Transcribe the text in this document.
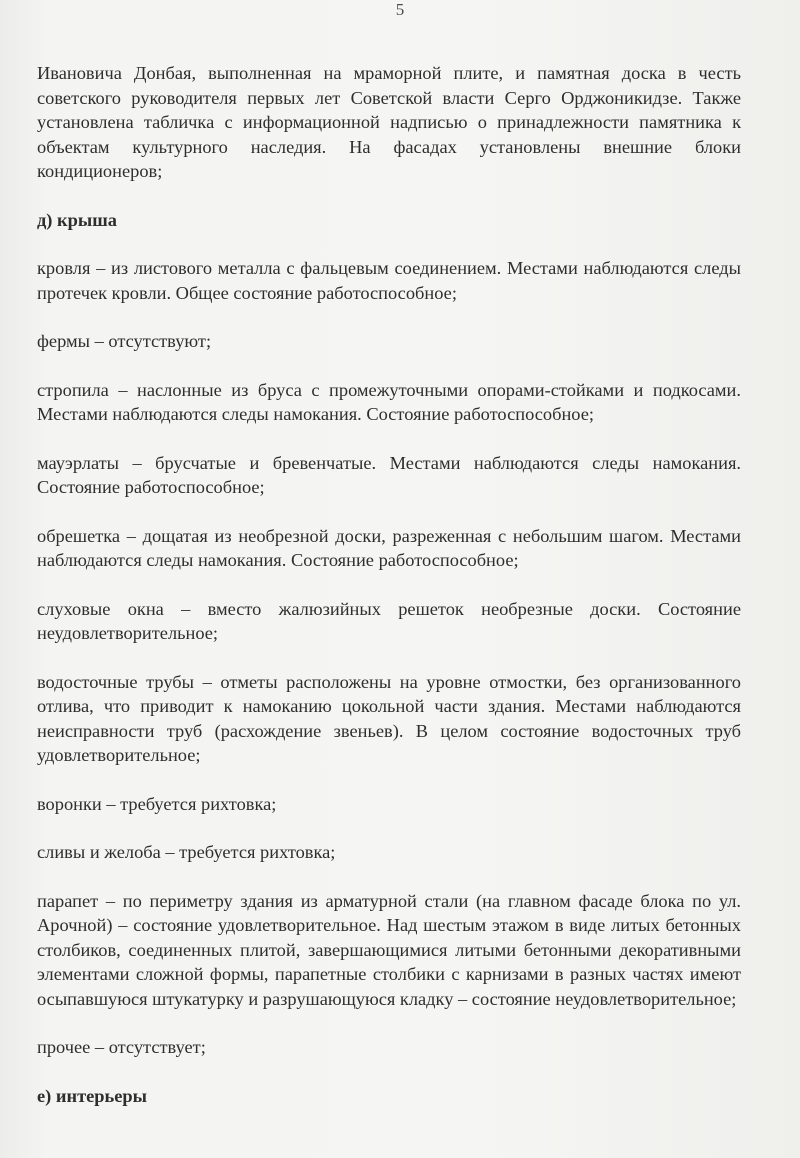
5

Ивановича Донбая, выполненная на мраморной плите, и памятная доска в честь советского руководителя первых лет Советской власти Серго Орджоникидзе. Также установлена табличка с информационной надписью о принадлежности памятника к объектам культурного наследия. На фасадах установлены внешние блоки кондиционеров;

д) крыша

кровля – из листового металла с фальцевым соединением. Местами наблюдаются следы протечек кровли. Общее состояние работоспособное;

фермы – отсутствуют;

стропила – наслонные из бруса с промежуточными опорами-стойками и подкосами. Местами наблюдаются следы намокания. Состояние работоспособное;

мауэрлаты – брусчатые и бревенчатые. Местами наблюдаются следы намокания. Состояние работоспособное;

обрешетка – дощатая из необрезной доски, разреженная с небольшим шагом. Местами наблюдаются следы намокания. Состояние работоспособное;

слуховые окна – вместо жалюзийных решеток необрезные доски. Состояние неудовлетворительное;

водосточные трубы – отметы расположены на уровне отмостки, без организованного отлива, что приводит к намоканию цокольной части здания. Местами наблюдаются неисправности труб (расхождение звеньев). В целом состояние водосточных труб удовлетворительное;

воронки – требуется рихтовка;

сливы и желоба – требуется рихтовка;

парапет – по периметру здания из арматурной стали (на главном фасаде блока по ул. Арочной) – состояние удовлетворительное. Над шестым этажом в виде литых бетонных столбиков, соединенных плитой, завершающимися литыми бетонными декоративными элементами сложной формы, парапетные столбики с карнизами в разных частях имеют осыпавшуюся штукатурку и разрушающуюся кладку – состояние неудовлетворительное;

прочее – отсутствует;

е) интерьеры
